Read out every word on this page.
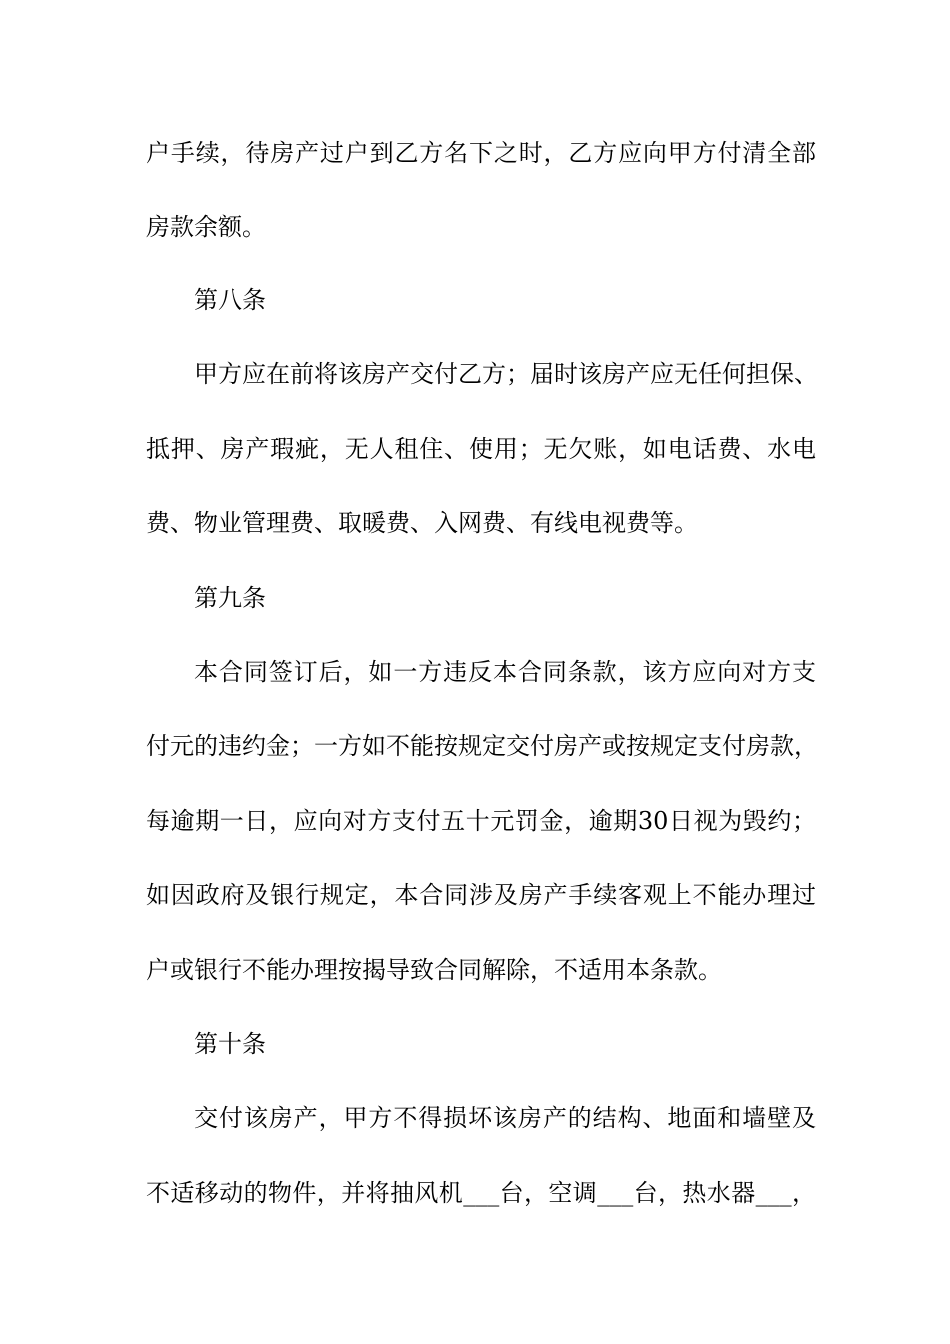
户手续，待房产过户到乙方名下之时，乙方应向甲方付清全部
房款余额。
第八条
甲方应在前将该房产交付乙方；届时该房产应无任何担保、
抵押、房产瑕疵，无人租住、使用；无欠账，如电话费、水电
费、物业管理费、取暖费、入网费、有线电视费等。
第九条
本合同签订后，如一方违反本合同条款，该方应向对方支
付元的违约金；一方如不能按规定交付房产或按规定支付房款，
每逾期一日，应向对方支付五十元罚金，逾期30日视为毁约；
如因政府及银行规定，本合同涉及房产手续客观上不能办理过
户或银行不能办理按揭导致合同解除，不适用本条款。
第十条
交付该房产，甲方不得损坏该房产的结构、地面和墙壁及
不适移动的物件，并将抽风机___台，空调___台，热水器___，
